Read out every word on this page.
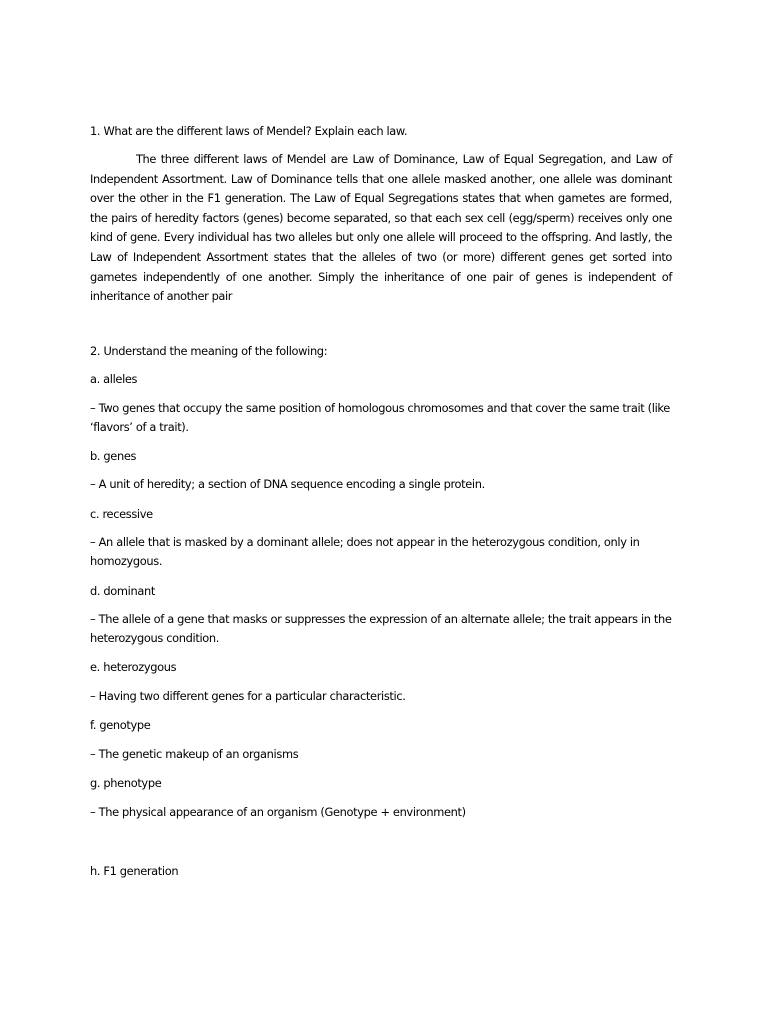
1. What are the different laws of Mendel? Explain each law.
The three different laws of Mendel are Law of Dominance, Law of Equal Segregation, and Law of Independent Assortment. Law of Dominance tells that one allele masked another, one allele was dominant over the other in the F1 generation. The Law of Equal Segregations states that when gametes are formed, the pairs of heredity factors (genes) become separated, so that each sex cell (egg/sperm) receives only one kind of gene. Every individual has two alleles but only one allele will proceed to the offspring. And lastly, the Law of Independent Assortment states that the alleles of two (or more) different genes get sorted into gametes independently of one another. Simply the inheritance of one pair of genes is independent of inheritance of another pair
2. Understand the meaning of the following:
a. alleles
– Two genes that occupy the same position of homologous chromosomes and that cover the same trait (like ‘flavors’ of a trait).
b. genes
– A unit of heredity; a section of DNA sequence encoding a single protein.
c. recessive
– An allele that is masked by a dominant allele; does not appear in the heterozygous condition, only in homozygous.
d. dominant
– The allele of a gene that masks or suppresses the expression of an alternate allele; the trait appears in the heterozygous condition.
e. heterozygous
– Having two different genes for a particular characteristic.
f. genotype
– The genetic makeup of an organisms
g. phenotype
– The physical appearance of an organism (Genotype + environment)
h. F1 generation
